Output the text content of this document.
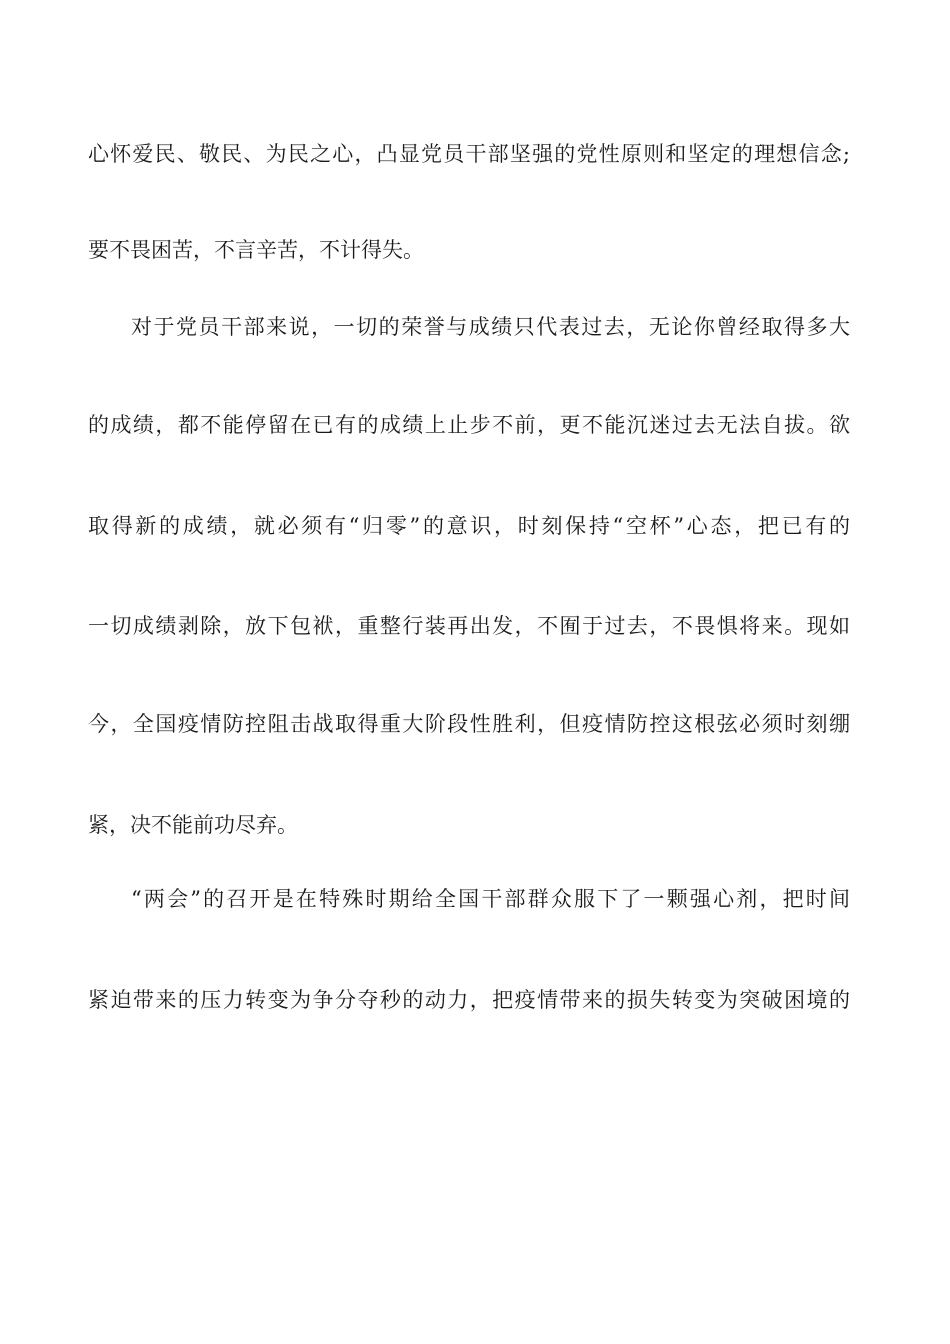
心怀爱民、敬民、为民之心，凸显党员干部坚强的党性原则和坚定的理想信念;
要不畏困苦，不言辛苦，不计得失。
对于党员干部来说，一切的荣誉与成绩只代表过去，无论你曾经取得多大
的成绩，都不能停留在已有的成绩上止步不前，更不能沉迷过去无法自拔。欲
取得新的成绩，就必须有“归零”的意识，时刻保持“空杯”心态，把已有的
一切成绩剥除，放下包袱，重整行装再出发，不囿于过去，不畏惧将来。现如
今，全国疫情防控阻击战取得重大阶段性胜利，但疫情防控这根弦必须时刻绷
紧，决不能前功尽弃。
“两会”的召开是在特殊时期给全国干部群众服下了一颗强心剂，把时间
紧迫带来的压力转变为争分夺秒的动力，把疫情带来的损失转变为突破困境的
